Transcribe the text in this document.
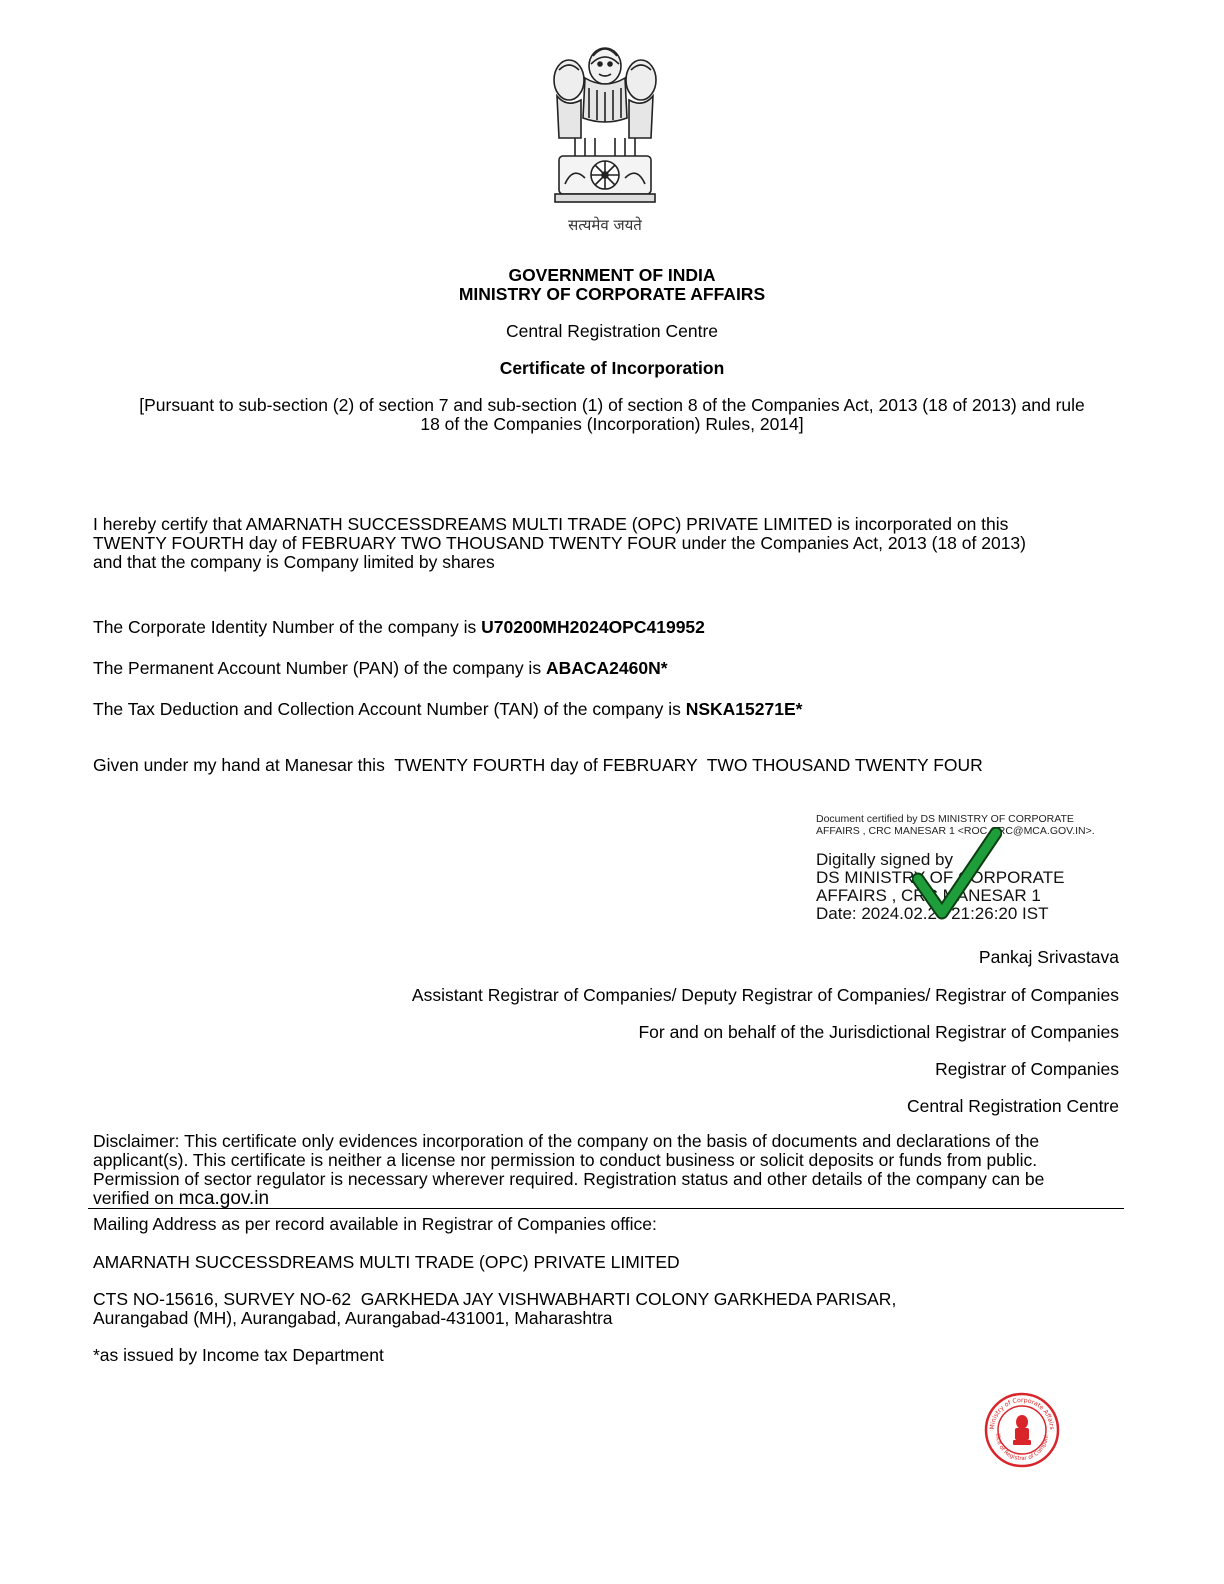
सत्यमेव जयते
GOVERNMENT OF INDIA
MINISTRY OF CORPORATE AFFAIRS
Central Registration Centre
Certificate of Incorporation
[Pursuant to sub-section (2) of section 7 and sub-section (1) of section 8 of the Companies Act, 2013 (18 of 2013) and rule
18 of the Companies (Incorporation) Rules, 2014]
I hereby certify that AMARNATH SUCCESSDREAMS MULTI TRADE (OPC) PRIVATE LIMITED is incorporated on this
TWENTY FOURTH day of FEBRUARY TWO THOUSAND TWENTY FOUR under the Companies Act, 2013 (18 of 2013)
and that the company is Company limited by shares
The Corporate Identity Number of the company is U70200MH2024OPC419952
The Permanent Account Number (PAN) of the company is ABACA2460N*
The Tax Deduction and Collection Account Number (TAN) of the company is NSKA15271E*
Given under my hand at Manesar this  TWENTY FOURTH day of FEBRUARY  TWO THOUSAND TWENTY FOUR
Document certified by DS MINISTRY OF CORPORATE
AFFAIRS , CRC MANESAR 1 <ROC.CRC@MCA.GOV.IN>.
Digitally signed by
DS MINISTRY OF CORPORATE
AFFAIRS , CRC MANESAR 1
Date: 2024.02.27 21:26:20 IST
Pankaj Srivastava
Assistant Registrar of Companies/ Deputy Registrar of Companies/ Registrar of Companies
For and on behalf of the Jurisdictional Registrar of Companies
Registrar of Companies
Central Registration Centre
Disclaimer: This certificate only evidences incorporation of the company on the basis of documents and declarations of the
applicant(s). This certificate is neither a license nor permission to conduct business or solicit deposits or funds from public.
Permission of sector regulator is necessary wherever required. Registration status and other details of the company can be
verified on mca.gov.in
Mailing Address as per record available in Registrar of Companies office:
AMARNATH SUCCESSDREAMS MULTI TRADE (OPC) PRIVATE LIMITED
CTS NO-15616, SURVEY NO-62  GARKHEDA JAY VISHWABHARTI COLONY GARKHEDA PARISAR,
Aurangabad (MH), Aurangabad, Aurangabad-431001, Maharashtra
*as issued by Income tax Department
Ministry of Corporate Affairs
ffice of Registrar of Compani
